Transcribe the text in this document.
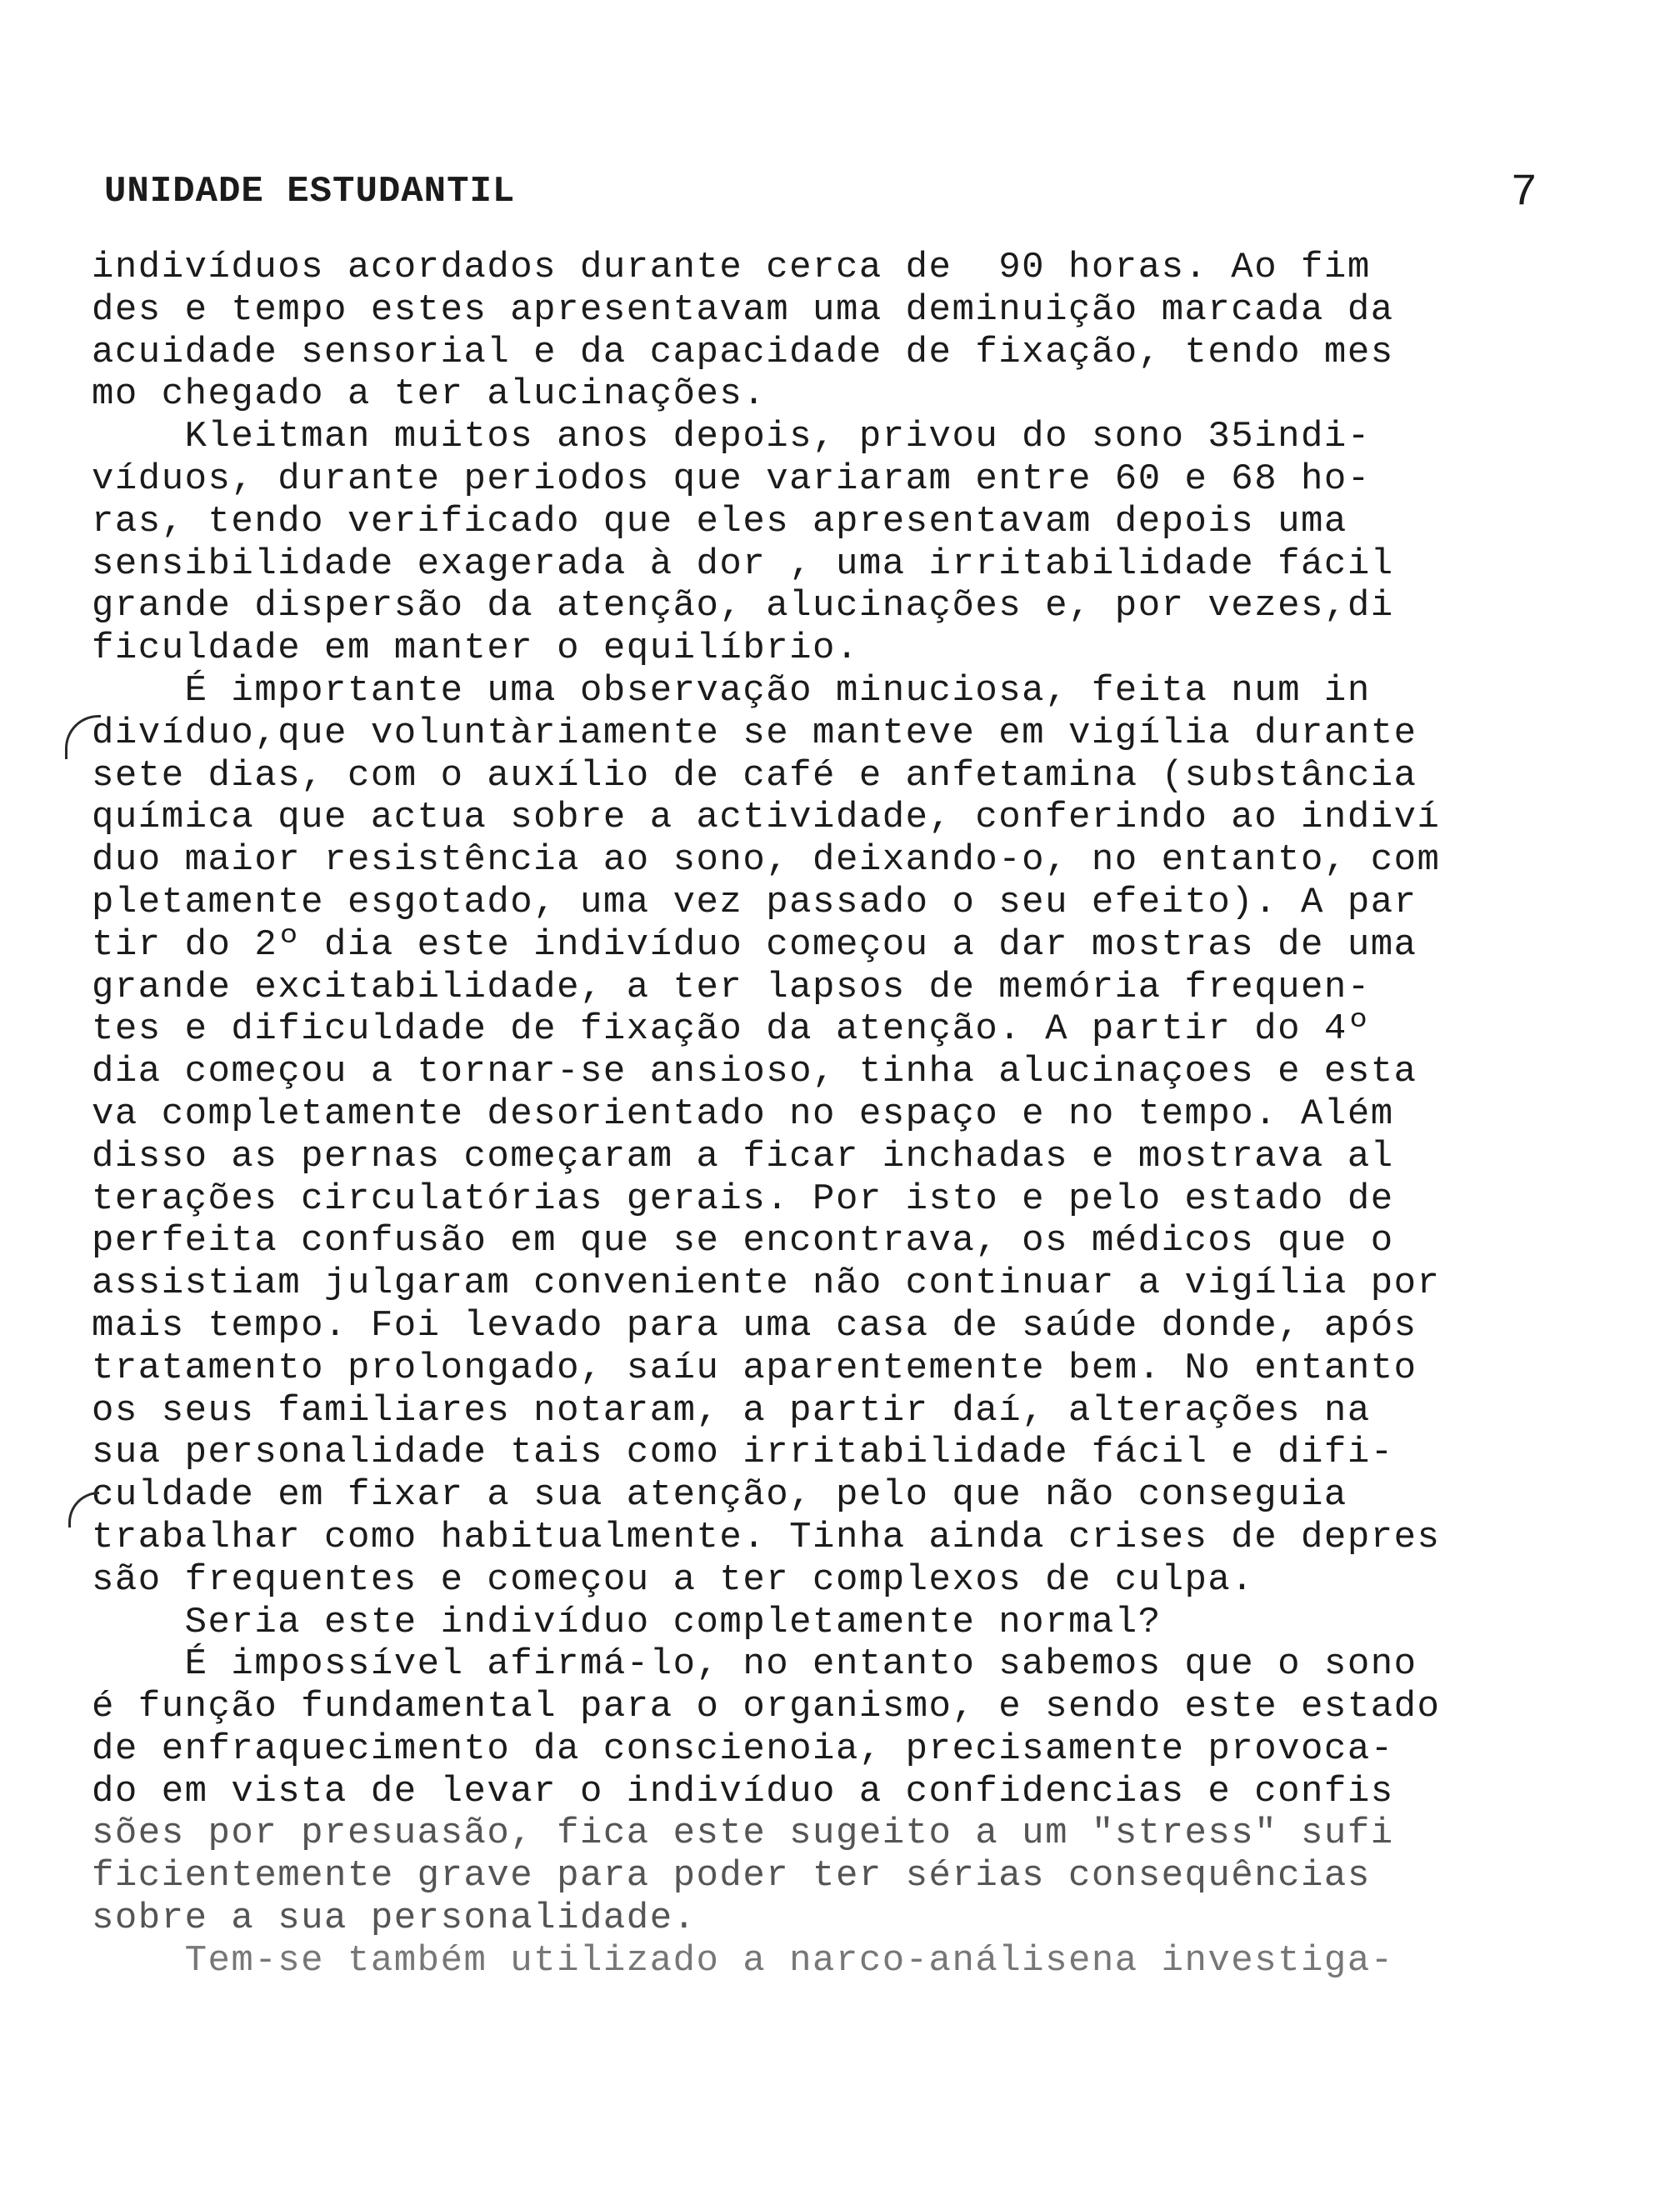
UNIDADE ESTUDANTIL	7
indivíduos acordados durante cerca de  90 horas. Ao fim
des e tempo estes apresentavam uma deminuição marcada da
acuidade sensorial e da capacidade de fixação, tendo mes
mo chegado a ter alucinações.
Kleitman muitos anos depois, privou do sono 35indi-
víduos, durante periodos que variaram entre 60 e 68 ho-
ras, tendo verificado que eles apresentavam depois uma
sensibilidade exagerada à dor , uma irritabilidade fácil
grande dispersão da atenção, alucinações e, por vezes,di
ficuldade em manter o equilíbrio.
É importante uma observação minuciosa, feita num in
divíduo,que voluntàriamente se manteve em vigília durante
sete dias, com o auxílio de café e anfetamina (substância
química que actua sobre a actividade, conferindo ao indiví
duo maior resistência ao sono, deixando-o, no entanto, com
pletamente esgotado, uma vez passado o seu efeito). A par
tir do 2º dia este indivíduo começou a dar mostras de uma
grande excitabilidade, a ter lapsos de memória frequen-
tes e dificuldade de fixação da atenção. A partir do 4º
dia começou a tornar-se ansioso, tinha alucinaçoes e esta
va completamente desorientado no espaço e no tempo. Além
disso as pernas começaram a ficar inchadas e mostrava al
terações circulatórias gerais. Por isto e pelo estado de
perfeita confusão em que se encontrava, os médicos que o
assistiam julgaram conveniente não continuar a vigília por
mais tempo. Foi levado para uma casa de saúde donde, após
tratamento prolongado, saíu aparentemente bem. No entanto
os seus familiares notaram, a partir daí, alterações na
sua personalidade tais como irritabilidade fácil e difi-
culdade em fixar a sua atenção, pelo que não conseguia
trabalhar como habitualmente. Tinha ainda crises de depres
são frequentes e começou a ter complexos de culpa.
Seria este indivíduo completamente normal?
É impossível afirmá-lo, no entanto sabemos que o sono
é função fundamental para o organismo, e sendo este estado
de enfraquecimento da conscienoia, precisamente provoca-
do em vista de levar o indivíduo a confidencias e confis
sões por presuasão, fica este sugeito a um "stress" sufi
ficientemente grave para poder ter sérias consequências
sobre a sua personalidade.
Tem-se também utilizado a narco-análisena investiga-
